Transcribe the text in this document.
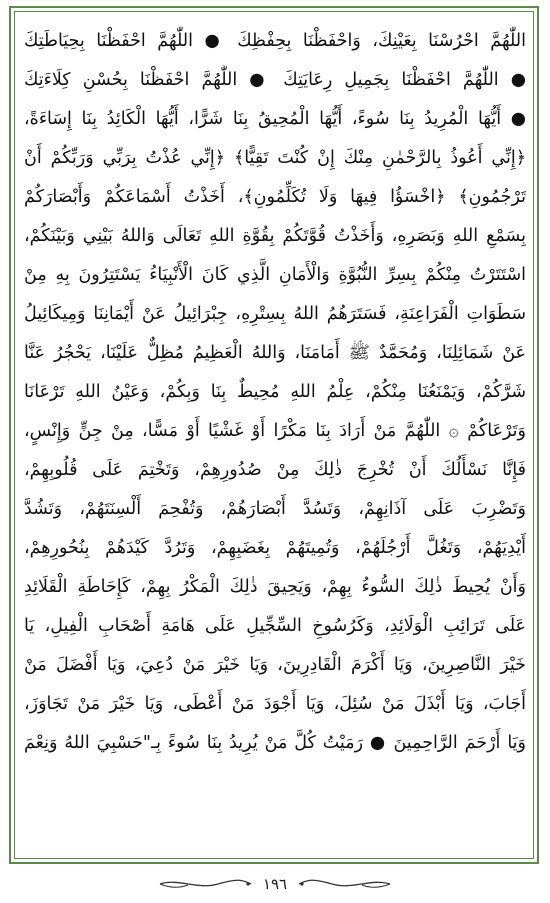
اللّٰهُمَّ احْرُسْنَا بِعَيْنِكَ، وَاحْفَظْنَا بِحِفْظِكَ ● اللّٰهُمَّ احْفَظْنَا بِحِيَاطَتِكَ
● اللّٰهُمَّ احْفَظْنَا بِجَمِيلِ رِعَايَتِكَ ● اللّٰهُمَّ احْفَظْنَا بِحُسْنِ كِلَاءَتِكَ
● أَيُّهَا الْمُرِيدُ بِنَا سُوءً، أَيُّهَا الْمُحِيقُ بِنَا شَرًّا، أَيُّهَا الْكَائِدُ بِنَا إِسَاءَةً،
﴿إِنِّي أَعُوذُ بِالرَّحْمٰنِ مِنْكَ إِنْ كُنْتَ تَقِيًّا﴾ ﴿إِنِّي عُذْتُ بِرَبِّي وَرَبِّكُمْ أَنْ
تَرْجُمُونِ﴾ ﴿اخْسَؤُا فِيهَا وَلَا تُكَلِّمُونِ﴾، أَخَذْتُ أَسْمَاعَكُمْ وَأَبْصَارَكُمْ
بِسَمْعِ اللهِ وَبَصَرِهِ، وَأَخَذْتُ قُوَّتَكُمْ بِقُوَّةِ اللهِ تَعَالَى وَاللهُ بَيْنِي وَبَيْنَكُمْ،
اسْتَتَرْتُ مِنْكُمْ بِسِرِّ النُّبُوَّةِ وَالْأَمَانِ الَّذِي كَانَ الْأَنْبِيَاءُ يَسْتَتِرُونَ بِهِ مِنْ
سَطَوَاتِ الْفَرَاعِنَةِ، فَسَتَرَهُمُ اللهُ بِسِتْرِهِ، جِبْرَائِيلُ عَنْ أَيْمَانِنَا وَمِيكَائِيلُ
عَنْ شَمَائِلِنَا، وَمُحَمَّدٌ ﷺ أَمَامَنَا، وَاللهُ الْعَظِيمُ مُظِلٌّ عَلَيْنَا، يَحْجُرُ عَنَّا
شَرَّكُمْ، وَيَمْنَعُنَا مِنْكُمْ، عِلْمُ اللهِ مُحِيطٌ بِنَا وَبِكُمْ، وَعَيْنُ اللهِ تَرْعَانَا
وَتَرْعَاكُمْ ۞ اللّٰهُمَّ مَنْ أَرَادَ بِنَا مَكْرًا أَوْ غَشْيًا أَوْ مَسًّا، مِنْ جِنٍّ وَإِنْسٍ،
فَإِنَّا نَسْأَلُكَ أَنْ تُخْرِجَ ذٰلِكَ مِنْ صُدُورِهِمْ، وَتَخْتِمَ عَلَى قُلُوبِهِمْ،
وَتَضْرِبَ عَلَى آذَانِهِمْ، وَتَسُدَّ أَبْصَارَهُمْ، وَتُفْحِمَ أَلْسِنَتَهُمْ، وَتَشُدَّ
أَيْدِيَهُمْ، وَتَغُلَّ أَرْجُلَهُمْ، وَتُمِيتَهُمْ بِغَضَبِهِمْ، وَتَرُدَّ كَيْدَهُمْ بِنُحُورِهِمْ،
وَأَنْ يُحِيطَ ذٰلِكَ السُّوءُ بِهِمْ، وَيَحِيقَ ذٰلِكَ الْمَكْرُ بِهِمْ، كَإِحَاطَةِ الْقَلَائِدِ
عَلَى تَرَائِبِ الْوَلَائِدِ، وَكَرُسُوخِ السِّجِّيلِ عَلَى هَامَةِ أَصْحَابِ الْفِيلِ، يَا
خَيْرَ النَّاصِرِينَ، وَيَا أَكْرَمَ الْقَادِرِينَ، وَيَا خَيْرَ مَنْ دُعِيَ، وَيَا أَفْضَلَ مَنْ
أَجَابَ، وَيَا أَبْذَلَ مَنْ سُئِلَ، وَيَا أَجْوَدَ مَنْ أَعْطَى، وَيَا خَيْرَ مَنْ تَجَاوَزَ،
وَيَا أَرْحَمَ الرَّاحِمِينَ ● رَمَيْتُ كُلَّ مَنْ يُرِيدُ بِنَا سُوءً بِـ"حَسْبِيَ اللهُ وَنِعْمَ
١٩٦
